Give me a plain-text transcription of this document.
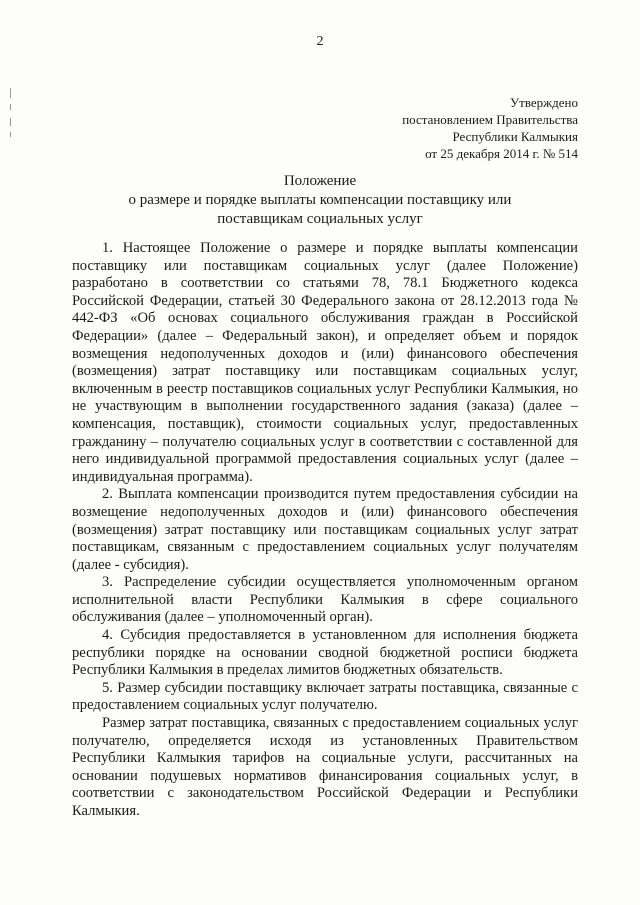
2
Утверждено
постановлением Правительства
Республики Калмыкия
от 25 декабря 2014 г. № 514
Положение
о размере и порядке выплаты компенсации поставщику или
поставщикам социальных услуг

1. Настоящее Положение о размере и порядке выплаты компенсации поставщику или поставщикам социальных услуг (далее Положение) разработано в соответствии со статьями 78, 78.1 Бюджетного кодекса Российской Федерации, статьей 30 Федерального закона от 28.12.2013 года № 442-ФЗ «Об основах социального обслуживания граждан в Российской Федерации» (далее – Федеральный закон), и определяет объем и порядок возмещения недополученных доходов и (или) финансового обеспечения (возмещения) затрат поставщику или поставщикам социальных услуг, включенным в реестр поставщиков социальных услуг Республики Калмыкия, но не участвующим в выполнении государственного задания (заказа) (далее – компенсация, поставщик), стоимости социальных услуг, предоставленных гражданину – получателю социальных услуг в соответствии с составленной для него индивидуальной программой предоставления социальных услуг (далее – индивидуальная программа).

2. Выплата компенсации производится путем предоставления субсидии на возмещение недополученных доходов и (или) финансового обеспечения (возмещения) затрат поставщику или поставщикам социальных услуг затрат поставщикам, связанным с предоставлением социальных услуг получателям (далее - субсидия).

3. Распределение субсидии осуществляется уполномоченным органом исполнительной власти Республики Калмыкия в сфере социального обслуживания (далее – уполномоченный орган).

4. Субсидия предоставляется в установленном для исполнения бюджета республики порядке на основании сводной бюджетной росписи бюджета Республики Калмыкия в пределах лимитов бюджетных обязательств.

5. Размер субсидии поставщику включает затраты поставщика, связанные с предоставлением социальных услуг получателю.

Размер затрат поставщика, связанных с предоставлением социальных услуг получателю, определяется исходя из установленных Правительством Республики Калмыкия тарифов на социальные услуги, рассчитанных на основании подушевых нормативов финансирования социальных услуг, в соответствии с законодательством Российской Федерации и Республики Калмыкия.
